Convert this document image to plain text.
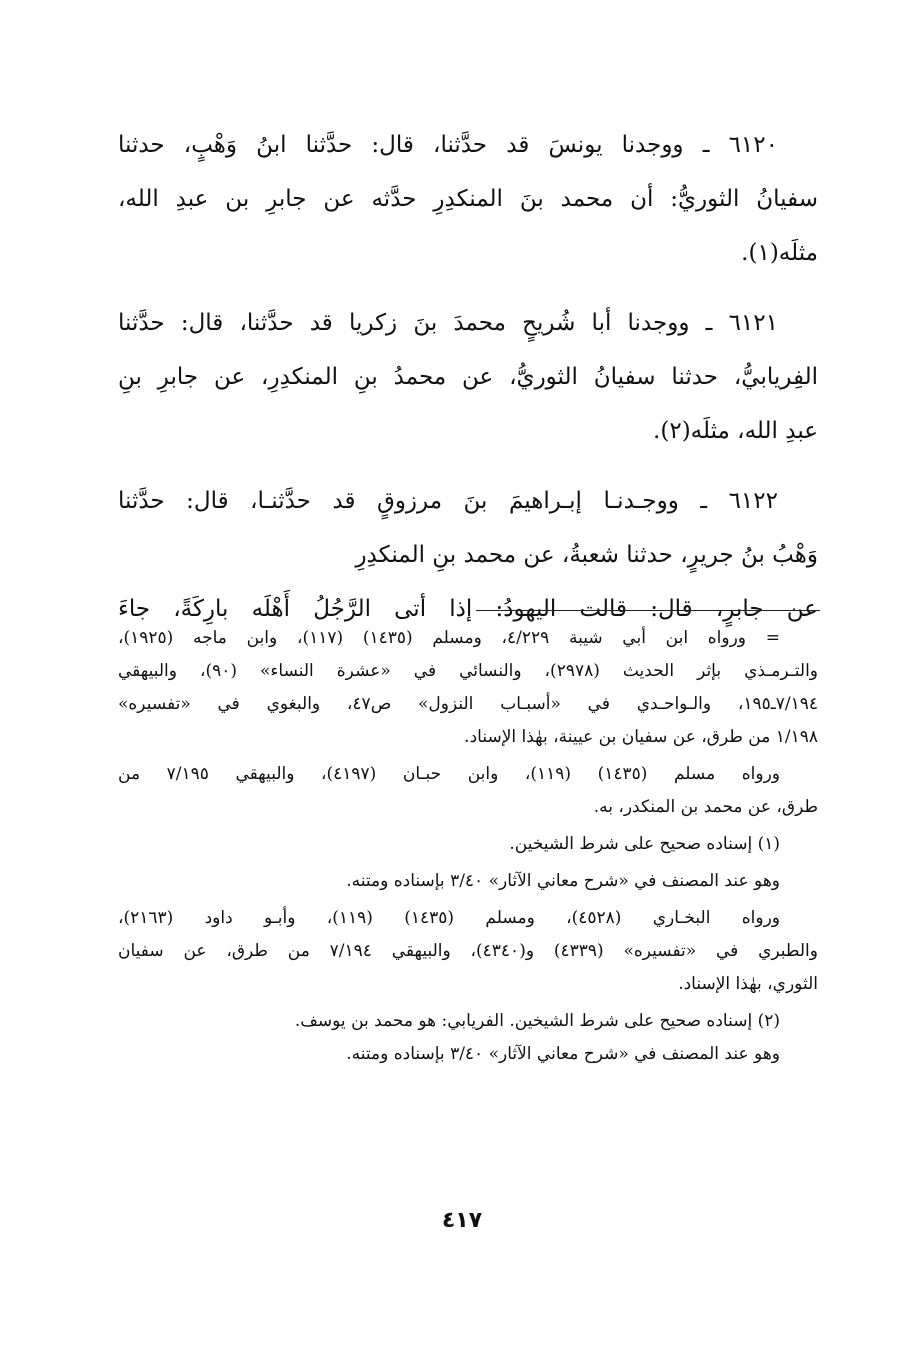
٦١٢٠ ـ ووجدنا يونسَ قد حدَّثنا، قال: حدَّثنا ابنُ وَهْبٍ، حدثنا
سفيانُ الثوريُّ: أن محمد بنَ المنكدِرِ حدَّثه عن جابرِ بن عبدِ الله،
مثلَه(١).
٦١٢١ ـ ووجدنا أبا شُريحٍ محمدَ بنَ زكريا قد حدَّثنا، قال: حدَّثنا
الفِريابيُّ، حدثنا سفيانُ الثوريُّ، عن محمدُ بنِ المنكدِرِ، عن جابرِ بنِ
عبدِ الله، مثلَه(٢).
٦١٢٢ ـ ووجـدنـا إبـراهيمَ بنَ مرزوقٍ قد حدَّثنـا، قال: حدَّثنا
وَهْبُ بنُ جريرٍ، حدثنا شعبةُ، عن محمد بنِ المنكدِرِ
عن جابرٍ، قال: قالت اليهودُ: إذا أتى الرَّجُلُ أَهْلَه بارِكَةً، جاءَ
= ورواه ابن أبي شيبة ٤/٢٢٩، ومسلم (١٤٣٥) (١١٧)، وابن ماجه (١٩٢٥)،
والتـرمـذي بإثر الحديث (٢٩٧٨)، والنسائي في «عشرة النساء» (٩٠)، والبيهقي
٧/١٩٤ـ١٩٥، والـواحـدي في «أسبـاب النزول» ص٤٧، والبغوي في «تفسيره»
١/١٩٨ من طرق، عن سفيان بن عيينة، بهٰذا الإسناد.
ورواه مسلم (١٤٣٥) (١١٩)، وابن حبـان (٤١٩٧)، والبيهقي ٧/١٩٥ من
طرق، عن محمد بن المنكدر، به.
(١) إسناده صحيح على شرط الشيخين.
وهو عند المصنف في «شرح معاني الآثار» ٣/٤٠ بإسناده ومتنه.
ورواه البخـاري (٤٥٢٨)، ومسلم (١٤٣٥) (١١٩)، وأبـو داود (٢١٦٣)،
والطبري في «تفسيره» (٤٣٣٩) و(٤٣٤٠)، والبيهقي ٧/١٩٤ من طرق، عن سفيان
الثوري، بهٰذا الإسناد.
(٢) إسناده صحيح على شرط الشيخين. الفريابي: هو محمد بن يوسف.
وهو عند المصنف في «شرح معاني الآثار» ٣/٤٠ بإسناده ومتنه.
٤١٧
